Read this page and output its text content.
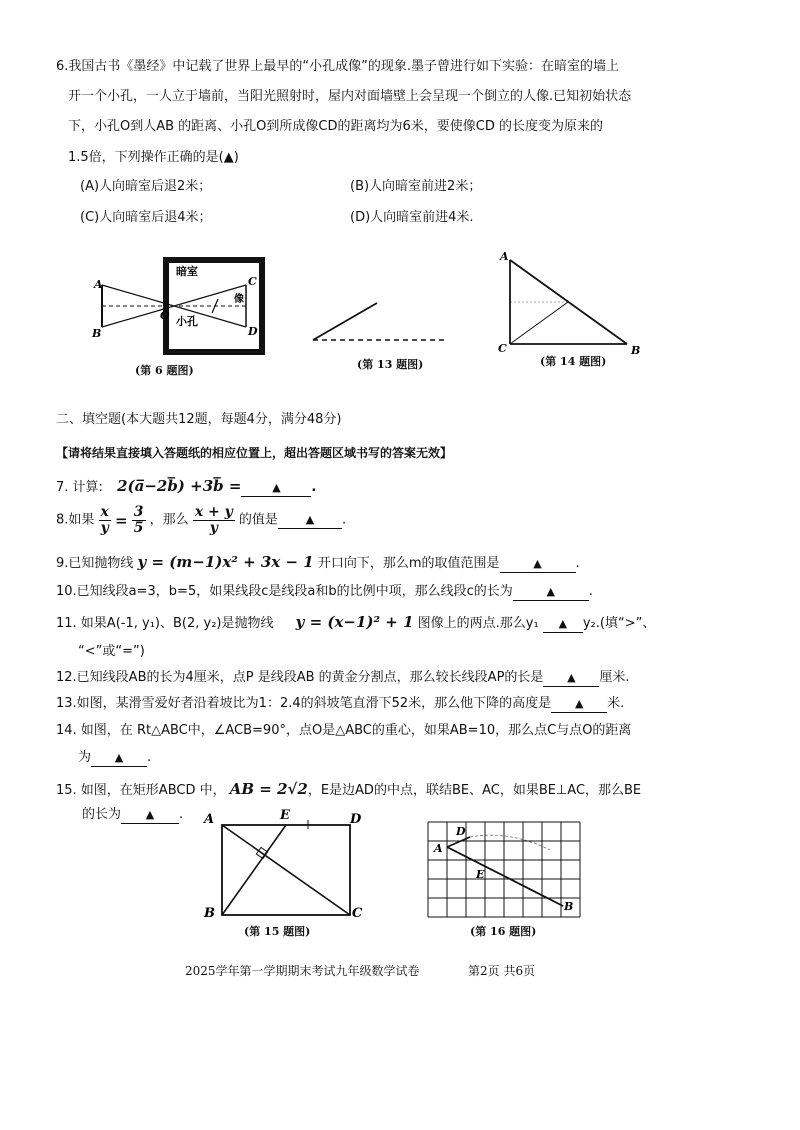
6.我国古书《墨经》中记载了世界上最早的“小孔成像”的现象.墨子曾进行如下实验：在暗室的墙上
开一个小孔，一人立于墙前，当阳光照射时，屋内对面墙壁上会呈现一个倒立的人像.已知初始状态
下，小孔O到人AB 的距离、小孔O到所成像CD的距离均为6米，要使像CD 的长度变为原来的
1.5倍，下列操作正确的是(▲)
(A)人向暗室后退2米；	(B)人向暗室前进2米；
(C)人向暗室后退4米；	(D)人向暗室前进4米.
A
B
O
C
D
暗室
像
小孔
(第 6 题图)	(第 13 题图)
A
C	B
(第 14 题图)
二、填空题(本大题共12题，每题4分，满分48分)
【请将结果直接填入答题纸的相应位置上，超出答题区域书写的答案无效】
7. 计算: 2(a̅−2b̅) +3b̅ =	▲ .
8.如果 $\frac{x}{y} = \frac{3}{5}$ ，那么 $\frac{x + y}{y}$ 的值是	▲ .
9.已知抛物线 y = (m−1)x² + 3x − 1 开口向下，那么m的取值范围是	▲	.
10.已知线段a=3，b=5，如果线段c是线段a和b的比例中项，那么线段c的长为	▲	.
11. 如果A(-1, y₁)、B(2, y₂)是抛物线 y = (x−1)² + 1 图像上的两点.那么y₁ ▲ y₂.(填“>”、
“<”或“=”)
12.已知线段AB的长为4厘米，点P 是线段AB 的黄金分割点，那么较长线段AP的长是 ▲ 厘米.
13.如图，某滑雪爱好者沿着坡比为1：2.4的斜坡笔直滑下52米，那么他下降的高度是 ▲ 米.
14. 如图，在 Rt△ABC中，∠ACB=90°，点O是△ABC的重心，如果AB=10，那么点C与点O的距离
为 ▲ .
15. 如图，在矩形ABCD 中， AB = 2√2，E是边AD的中点，联结BE、AC，如果BE⊥AC，那么BE
的长为 ▲ . A	E	D
B	C
(第 15 题图)
A
D
E
B
(第 16 题图)
2025学年第一学期期末考试九年级数学试卷	第2页 共6页
